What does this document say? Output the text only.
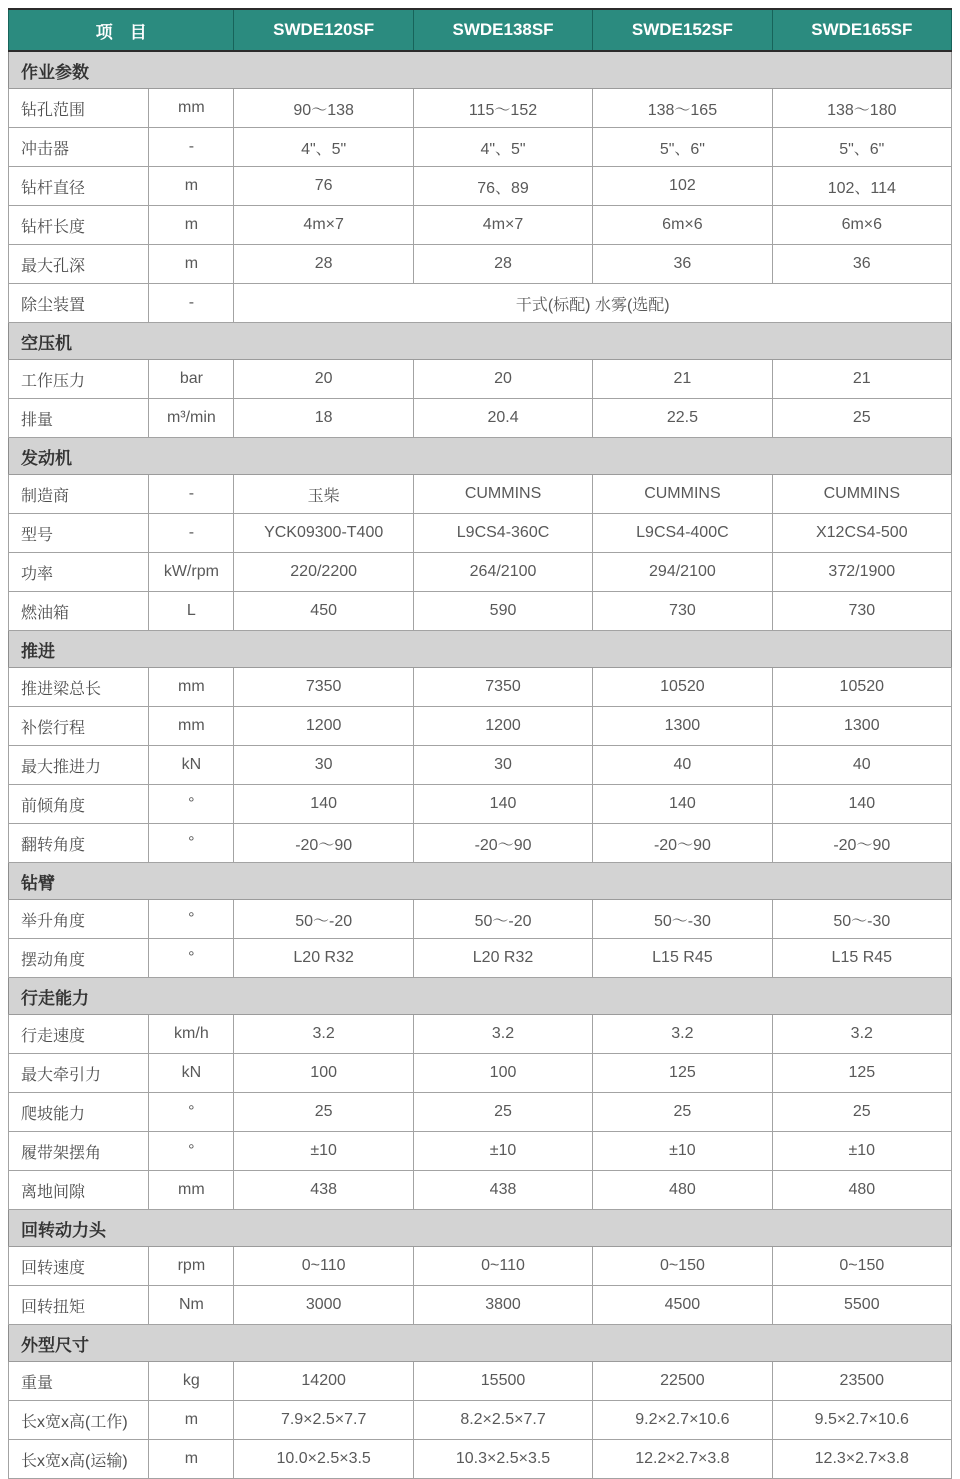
项　目		SWDE120SF	SWDE138SF	SWDE152SF	SWDE165SF
作业参数					
钻孔范围	mm	90～138	115～152	138～165	138～180
冲击器	-	4"、5"	4"、5"	5"、6"	5"、6"
钻杆直径	m	76	76、89	102	102、114
钻杆长度	m	4m×7	4m×7	6m×6	6m×6
最大孔深	m	28	28	36	36
除尘装置	-	干式(标配) 水雾(选配)			
空压机					
工作压力	bar	20	20	21	21
排量	m³/min	18	20.4	22.5	25
发动机					
制造商	-	玉柴	CUMMINS	CUMMINS	CUMMINS
型号	-	YCK09300-T400	L9CS4-360C	L9CS4-400C	X12CS4-500
功率	kW/rpm	220/2200	264/2100	294/2100	372/1900
燃油箱	L	450	590	730	730
推进					
推进梁总长	mm	7350	7350	10520	10520
补偿行程	mm	1200	1200	1300	1300
最大推进力	kN	30	30	40	40
前倾角度	°	140	140	140	140
翻转角度	°	-20～90	-20～90	-20～90	-20～90
钻臂					
举升角度	°	50～-20	50～-20	50～-30	50～-30
摆动角度	°	L20 R32	L20 R32	L15 R45	L15 R45
行走能力					
行走速度	km/h	3.2	3.2	3.2	3.2
最大牵引力	kN	100	100	125	125
爬坡能力	°	25	25	25	25
履带架摆角	°	±10	±10	±10	±10
离地间隙	mm	438	438	480	480
回转动力头					
回转速度	rpm	0~110	0~110	0~150	0~150
回转扭矩	Nm	3000	3800	4500	5500
外型尺寸					
重量	kg	14200	15500	22500	23500
长x宽x高(工作)	m	7.9×2.5×7.7	8.2×2.5×7.7	9.2×2.7×10.6	9.5×2.7×10.6
长x宽x高(运输)	m	10.0×2.5×3.5	10.3×2.5×3.5	12.2×2.7×3.8	12.3×2.7×3.8
